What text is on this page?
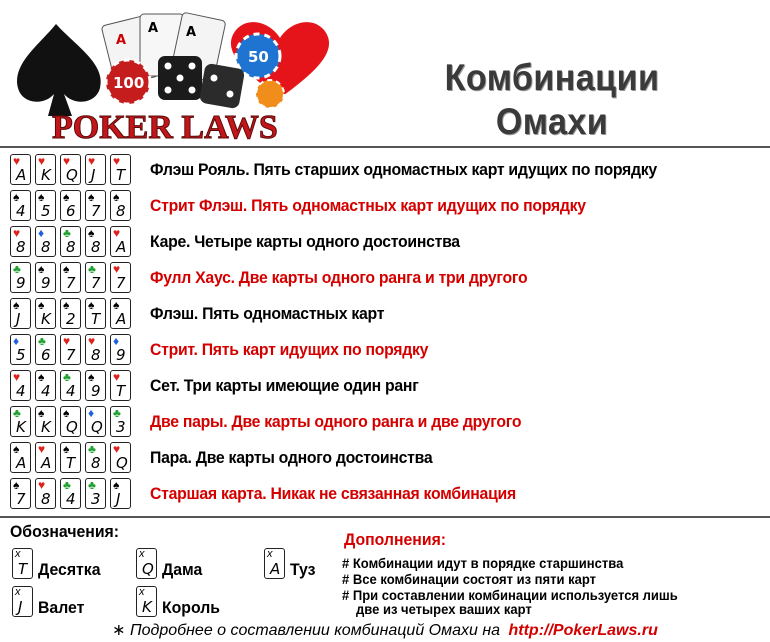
A
A A
100
50
POKER LAWS
Комбинации
Омахи
♥
A
♥
K
♥
Q
♥
J
♥
T Флэш Рояль. Пять старших одномастных карт идущих по порядку
♠
4
♠
5
♠
6
♠
7
♠
8 Стрит Флэш. Пять одномастных карт идущих по порядку
♥
8
♦
8
♣
8
♠
8
♥
A Каре. Четыре карты одного достоинства
♣
9
♠
9
♠
7
♣
7
♥
7 Фулл Хаус. Две карты одного ранга и три другого
♠
J
♠
K
♠
2
♠
T
♠
A Флэш. Пять одномастных карт
♦
5
♣
6
♥
7
♥
8
♦
9 Стрит. Пять карт идущих по порядку
♥
4
♠
4
♣
4
♠
9
♥
T Сет. Три карты имеющие один ранг
♣
K
♠
K
♠
Q
♦
Q
♣
3 Две пары. Две карты одного ранга и две другого
♠
A
♥
A
♠
T
♣
8
♥
Q Пара. Две карты одного достоинства
♠
7
♥
8
♣
4
♣
3
♠
J Старшая карта. Никак не связанная комбинация
Обозначения:
x
T Десятка
x
J Валет
x
Q Дама
x
K Король
x
A Туз
Дополнения:
# Комбинации идут в порядке старшинства
# Все комбинации состоят из пяти карт
# При составлении комбинации используется лишь
две из четырех ваших карт
∗ Подробнее о составлении комбинаций Омахи на http://PokerLaws.ru
